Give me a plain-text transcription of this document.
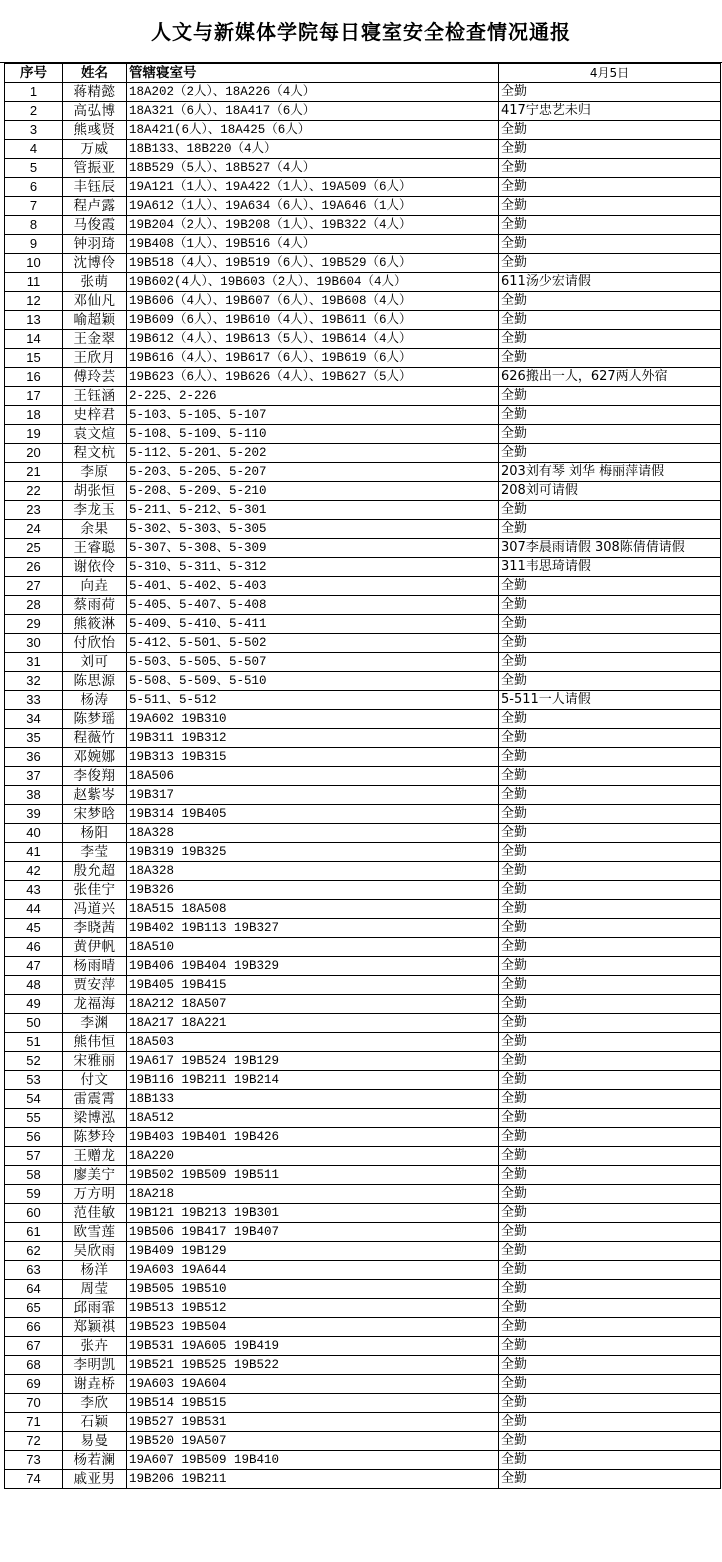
人文与新媒体学院每日寝室安全检查情况通报
序号	姓名	管辖寝室号	4月5日
1	蒋精懿	18A202（2人）、18A226（4人）	全勤
2	高弘博	18A321（6人）、18A417（6人）	417宁忠艺未归
3	熊彧贤	18A421(6人）、18A425（6人）	全勤
4	万威	18B133、18B220（4人）	全勤
5	管振亚	18B529（5人）、18B527（4人）	全勤
6	丰钰辰	19A121（1人）、19A422（1人）、19A509（6人）	全勤
7	程卢露	19A612（1人）、19A634（6人）、19A646（1人）	全勤
8	马俊霞	19B204（2人）、19B208（1人）、19B322（4人）	全勤
9	钟羽琦	19B408（1人）、19B516（4人）	全勤
10	沈博伶	19B518（4人）、19B519（6人）、19B529（6人）	全勤
11	张萌	19B602(4人）、19B603（2人）、19B604（4人）	611汤少宏请假
12	邓仙凡	19B606（4人）、19B607（6人）、19B608（4人）	全勤
13	喻超颖	19B609（6人）、19B610（4人）、19B611（6人）	全勤
14	王金翠	19B612（4人）、19B613（5人）、19B614（4人）	全勤
15	王欣月	19B616（4人）、19B617（6人）、19B619（6人）	全勤
16	傅玲芸	19B623（6人）、19B626（4人）、19B627（5人）	626搬出一人，627两人外宿
17	王钰涵	2-225、2-226	全勤
18	史梓君	5-103、5-105、5-107	全勤
19	袁文煊	5-108、5-109、5-110	全勤
20	程文杭	5-112、5-201、5-202	全勤
21	李原	5-203、5-205、5-207	203刘有琴 刘华 梅丽萍请假
22	胡张恒	5-208、5-209、5-210	208刘可请假
23	李龙玉	5-211、5-212、5-301	全勤
24	余果	5-302、5-303、5-305	全勤
25	王睿聪	5-307、5-308、5-309	307李晨雨请假 308陈倩倩请假
26	谢依伶	5-310、5-311、5-312	311韦思琦请假
27	向垚	5-401、5-402、5-403	全勤
28	蔡雨荷	5-405、5-407、5-408	全勤
29	熊筱淋	5-409、5-410、5-411	全勤
30	付欣怡	5-412、5-501、5-502	全勤
31	刘可	5-503、5-505、5-507	全勤
32	陈思源	5-508、5-509、5-510	全勤
33	杨涛	5-511、5-512	5-511一人请假
34	陈梦瑶	19A602 19B310	全勤
35	程薇竹	19B311 19B312	全勤
36	邓婉娜	19B313 19B315	全勤
37	李俊翔	18A506	全勤
38	赵紫岑	19B317	全勤
39	宋梦晗	19B314 19B405	全勤
40	杨阳	18A328	全勤
41	李莹	19B319 19B325	全勤
42	殷允超	18A328	全勤
43	张佳宁	19B326	全勤
44	冯道兴	18A515 18A508	全勤
45	李晓茜	19B402 19B113 19B327	全勤
46	黄伊帆	18A510	全勤
47	杨雨晴	19B406 19B404 19B329	全勤
48	贾安萍	19B405 19B415	全勤
49	龙福海	18A212 18A507	全勤
50	李渊	18A217 18A221	全勤
51	熊伟恒	18A503	全勤
52	宋雅丽	19A617 19B524 19B129	全勤
53	付文	19B116 19B211 19B214	全勤
54	雷震霄	18B133	全勤
55	梁博泓	18A512	全勤
56	陈梦玲	19B403 19B401 19B426	全勤
57	王赠龙	18A220	全勤
58	廖美宁	19B502 19B509 19B511	全勤
59	万方明	18A218	全勤
60	范佳敏	19B121 19B213 19B301	全勤
61	欧雪莲	19B506 19B417 19B407	全勤
62	吴欣雨	19B409 19B129	全勤
63	杨洋	19A603 19A644	全勤
64	周莹	19B505 19B510	全勤
65	邱雨霏	19B513 19B512	全勤
66	郑颖祺	19B523 19B504	全勤
67	张卉	19B531 19A605 19B419	全勤
68	李明凯	19B521 19B525 19B522	全勤
69	谢垚桥	19A603 19A604	全勤
70	李欣	19B514 19B515	全勤
71	石颖	19B527 19B531	全勤
72	易曼	19B520 19A507	全勤
73	杨若澜	19A607 19B509 19B410	全勤
74	戚亚男	19B206 19B211	全勤
